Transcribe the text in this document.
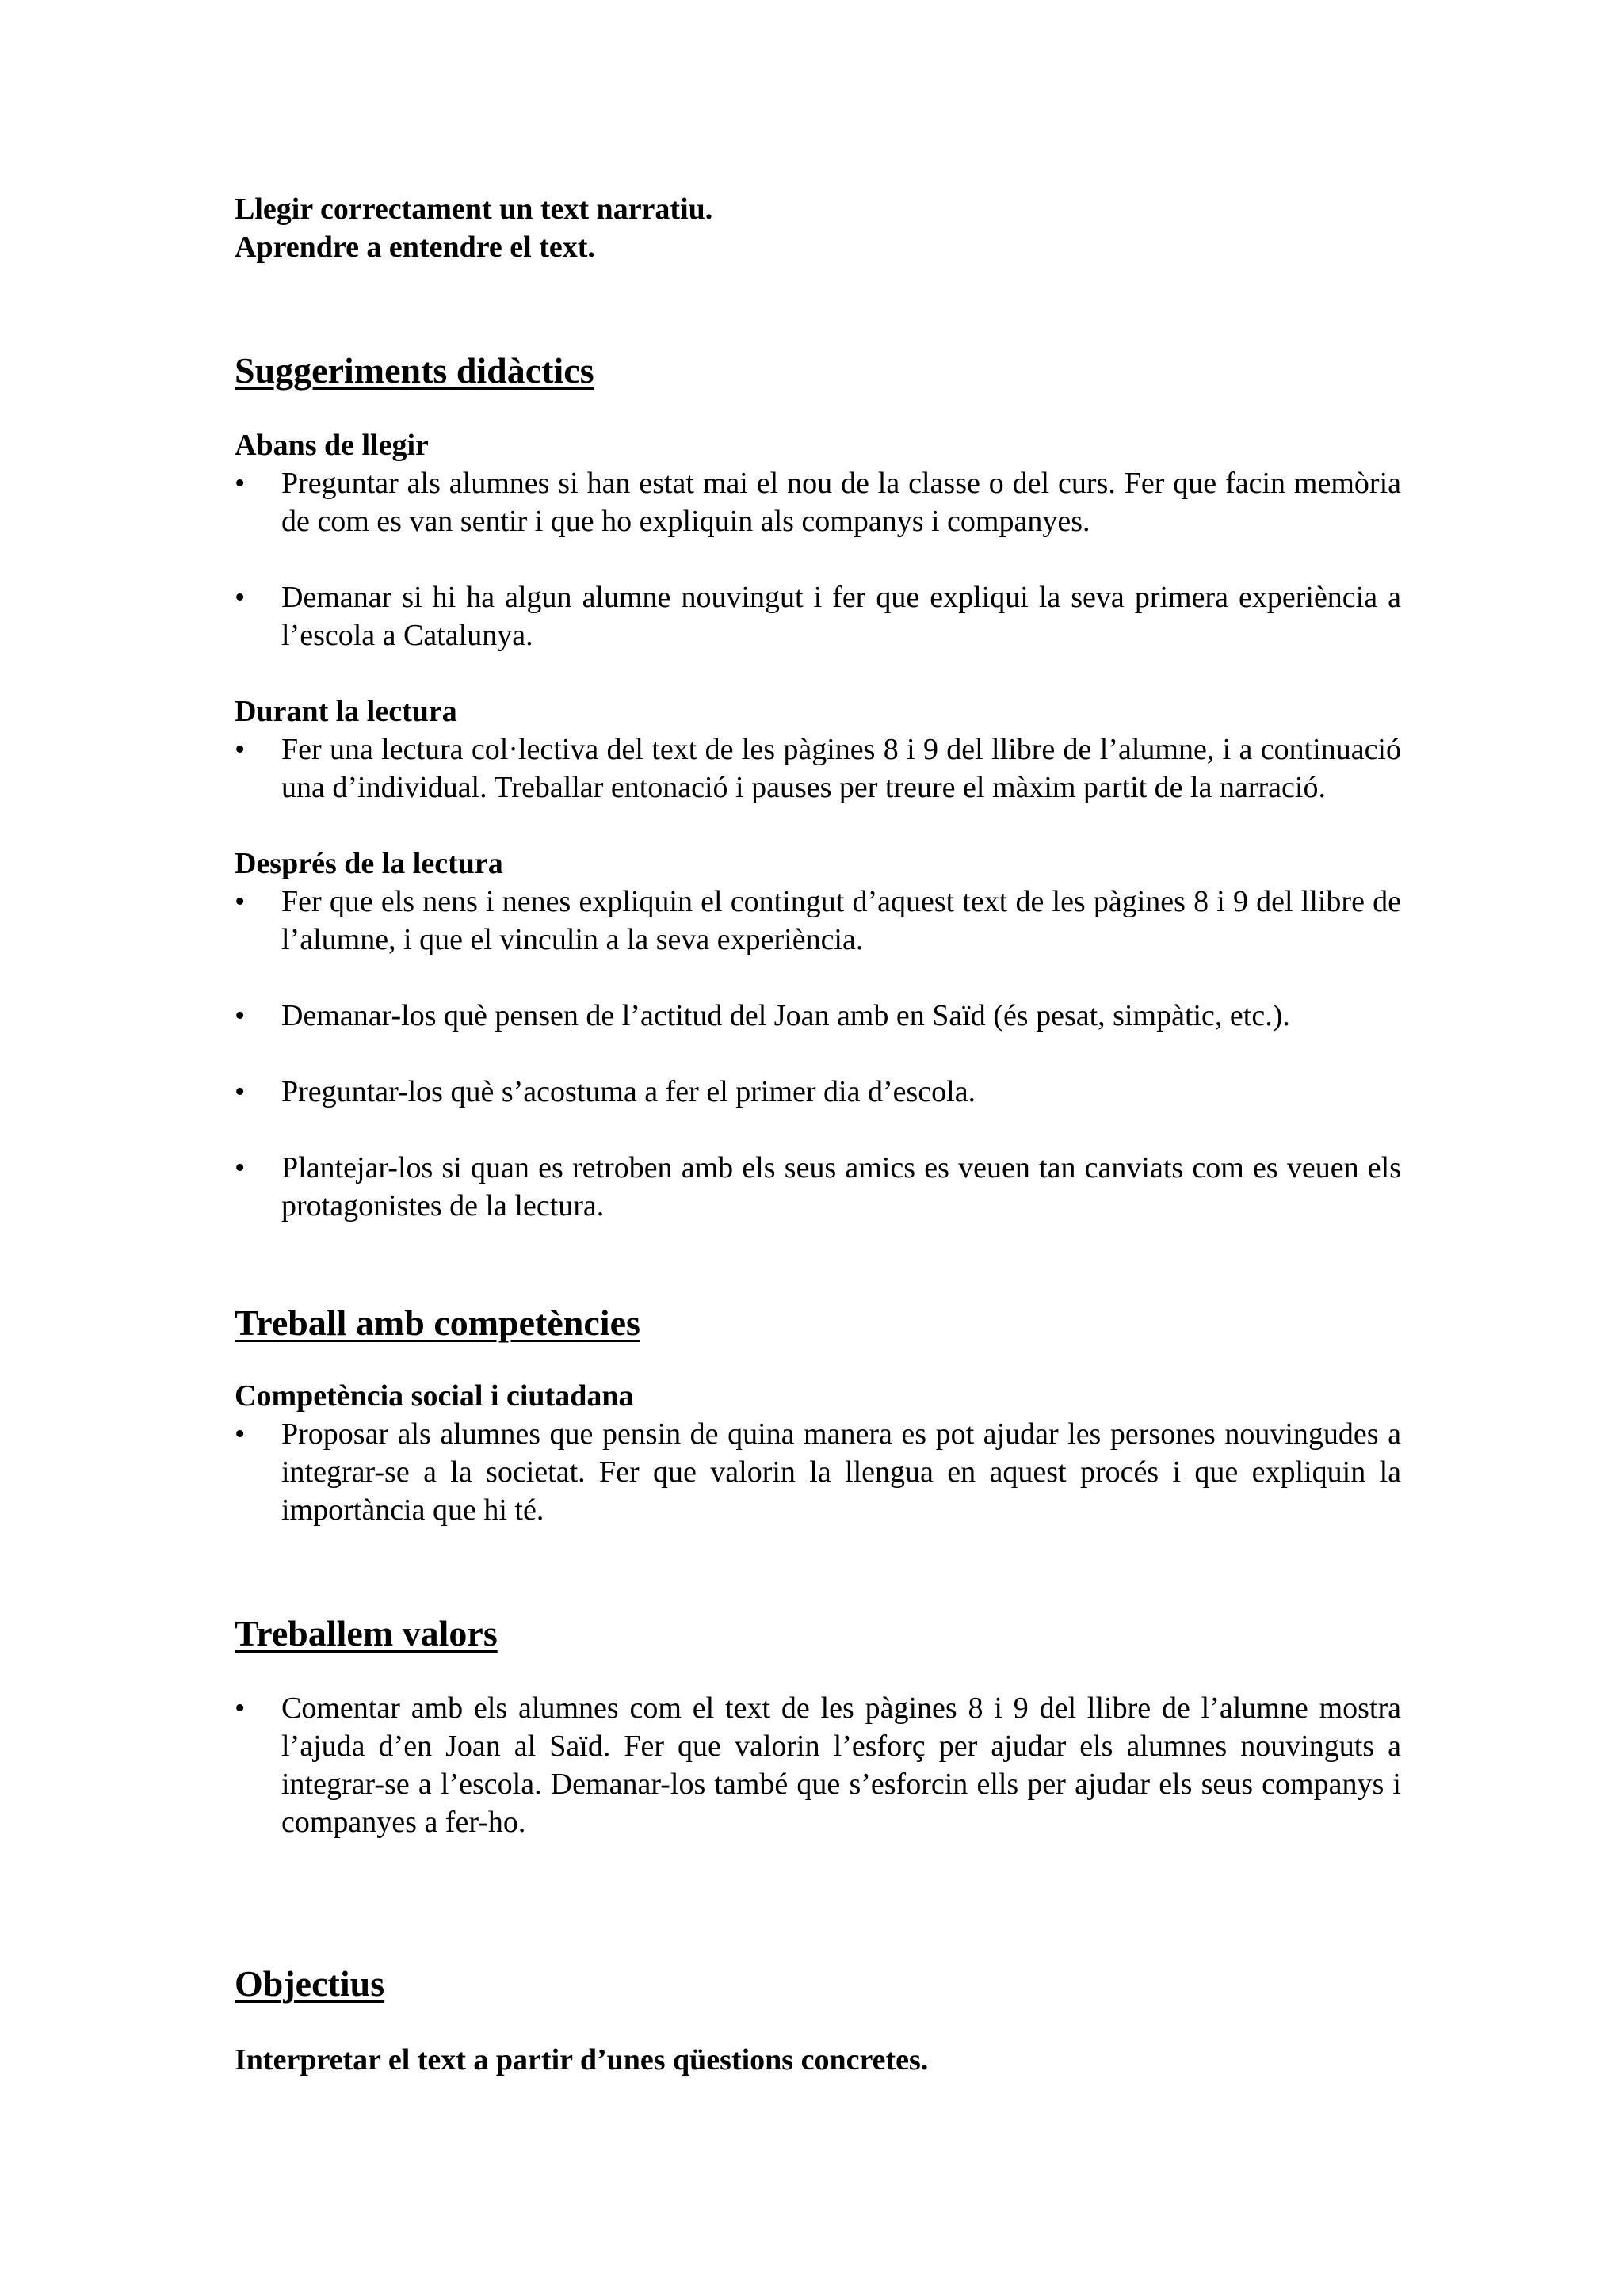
Llegir correctament un text narratiu.

Aprendre a entendre el text.

Suggeriments didàctics
Abans de llegir
•	Preguntar als alumnes si han estat mai el nou de la classe o del curs. Fer que facin memòria de com es van sentir i que ho expliquin als companys i companyes.
•	Demanar si hi ha algun alumne nouvingut i fer que expliqui la seva primera experiència a l’escola a Catalunya.
Durant la lectura
•	Fer una lectura col·lectiva del text de les pàgines 8 i 9 del llibre de l’alumne, i a continuació una d’individual. Treballar entonació i pauses per treure el màxim partit de la narració.
Després de la lectura
•	Fer que els nens i nenes expliquin el contingut d’aquest text de les pàgines 8 i 9 del llibre de l’alumne, i que el vinculin a la seva experiència.
•	Demanar-los què pensen de l’actitud del Joan amb en Saïd (és pesat, simpàtic, etc.).
•	Preguntar-los què s’acostuma a fer el primer dia d’escola.
•	Plantejar-los si quan es retroben amb els seus amics es veuen tan canviats com es veuen els protagonistes de la lectura.
Treball amb competències
Competència social i ciutadana
•	Proposar als alumnes que pensin de quina manera es pot ajudar les persones nouvingudes a integrar-se a la societat. Fer que valorin la llengua en aquest procés i que expliquin la importància que hi té.
Treballem valors
•	Comentar amb els alumnes com el text de les pàgines 8 i 9 del llibre de l’alumne mostra l’ajuda d’en Joan al Saïd. Fer que valorin l’esforç per ajudar els alumnes nouvinguts a integrar-se a l’escola. Demanar-los també que s’esforcin ells per ajudar els seus companys i companyes a fer-ho.
Objectius

Interpretar el text a partir d’unes qüestions concretes.
